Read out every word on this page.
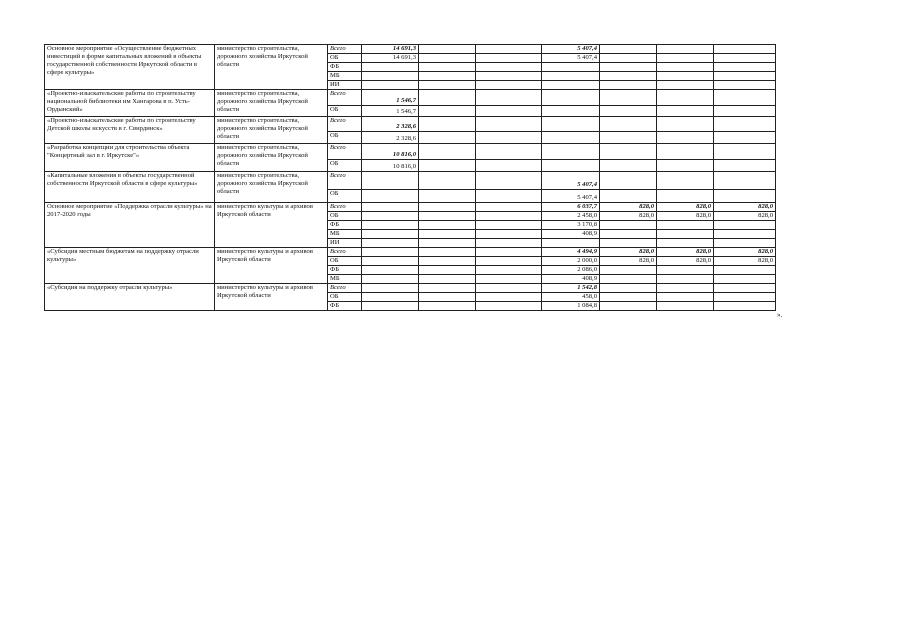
Основное мероприятие «Осуществление бюджетных инвестиций в форме капитальных вложений в объекты государственной собственности Иркутской области в сфере культуры»	министерство строительства, дорожного хозяйства Иркутской области	Всего	14 691,3			5 407,4			
		ОБ	14 691,3			5 407,4			
		ФБ							
		МБ							
		ИИ							
«Проектно-изыскательские работы по строительству национальной библиотеки им Хангарова в п. Усть-Ордынский»	министерство строительства, дорожного хозяйства Иркутской области	Всего	1 546,7						
		ОБ	1 546,7						
«Проектно-изыскательские работы по строительству Детской школы искусств в г. Свирдинск»	министерство строительства, дорожного хозяйства Иркутской области	Всего	2 328,6						
		ОБ	2 328,6						
«Разработка концепции для строительства объекта "Концертный зал в г. Иркутске"»	министерство строительства, дорожного хозяйства Иркутской области	Всего	10 816,0						
		ОБ	10 816,0						
«Капитальные вложения в объекты государственной собственности Иркутской области в сфере культуры»	министерство строительства, дорожного хозяйства Иркутской области	Всего				5 407,4			
		ОБ				5 407,4			
Основное мероприятие «Поддержка отрасли культуры» на 2017-2020 годы	министерство культуры и архивов Иркутской области	Всего				6 037,7	828,0	828,0	828,0
		ОБ				2 458,0	828,0	828,0	828,0
		ФБ				3 170,8			
		МБ				408,9			
		ИИ							
«Субсидия местным бюджетам на поддержку отрасли культуры»	министерство культуры и архивов Иркутской области	Всего				4 494,9	828,0	828,0	828,0
		ОБ				2 000,0	828,0	828,0	828,0
		ФБ				2 086,0			
		МБ				408,9			
«Субсидия на поддержку отрасли культуры»	министерство культуры и архивов Иркутской области	Всего				1 542,8			
		ОБ				458,0			
		ФБ				1 084,8			
».
